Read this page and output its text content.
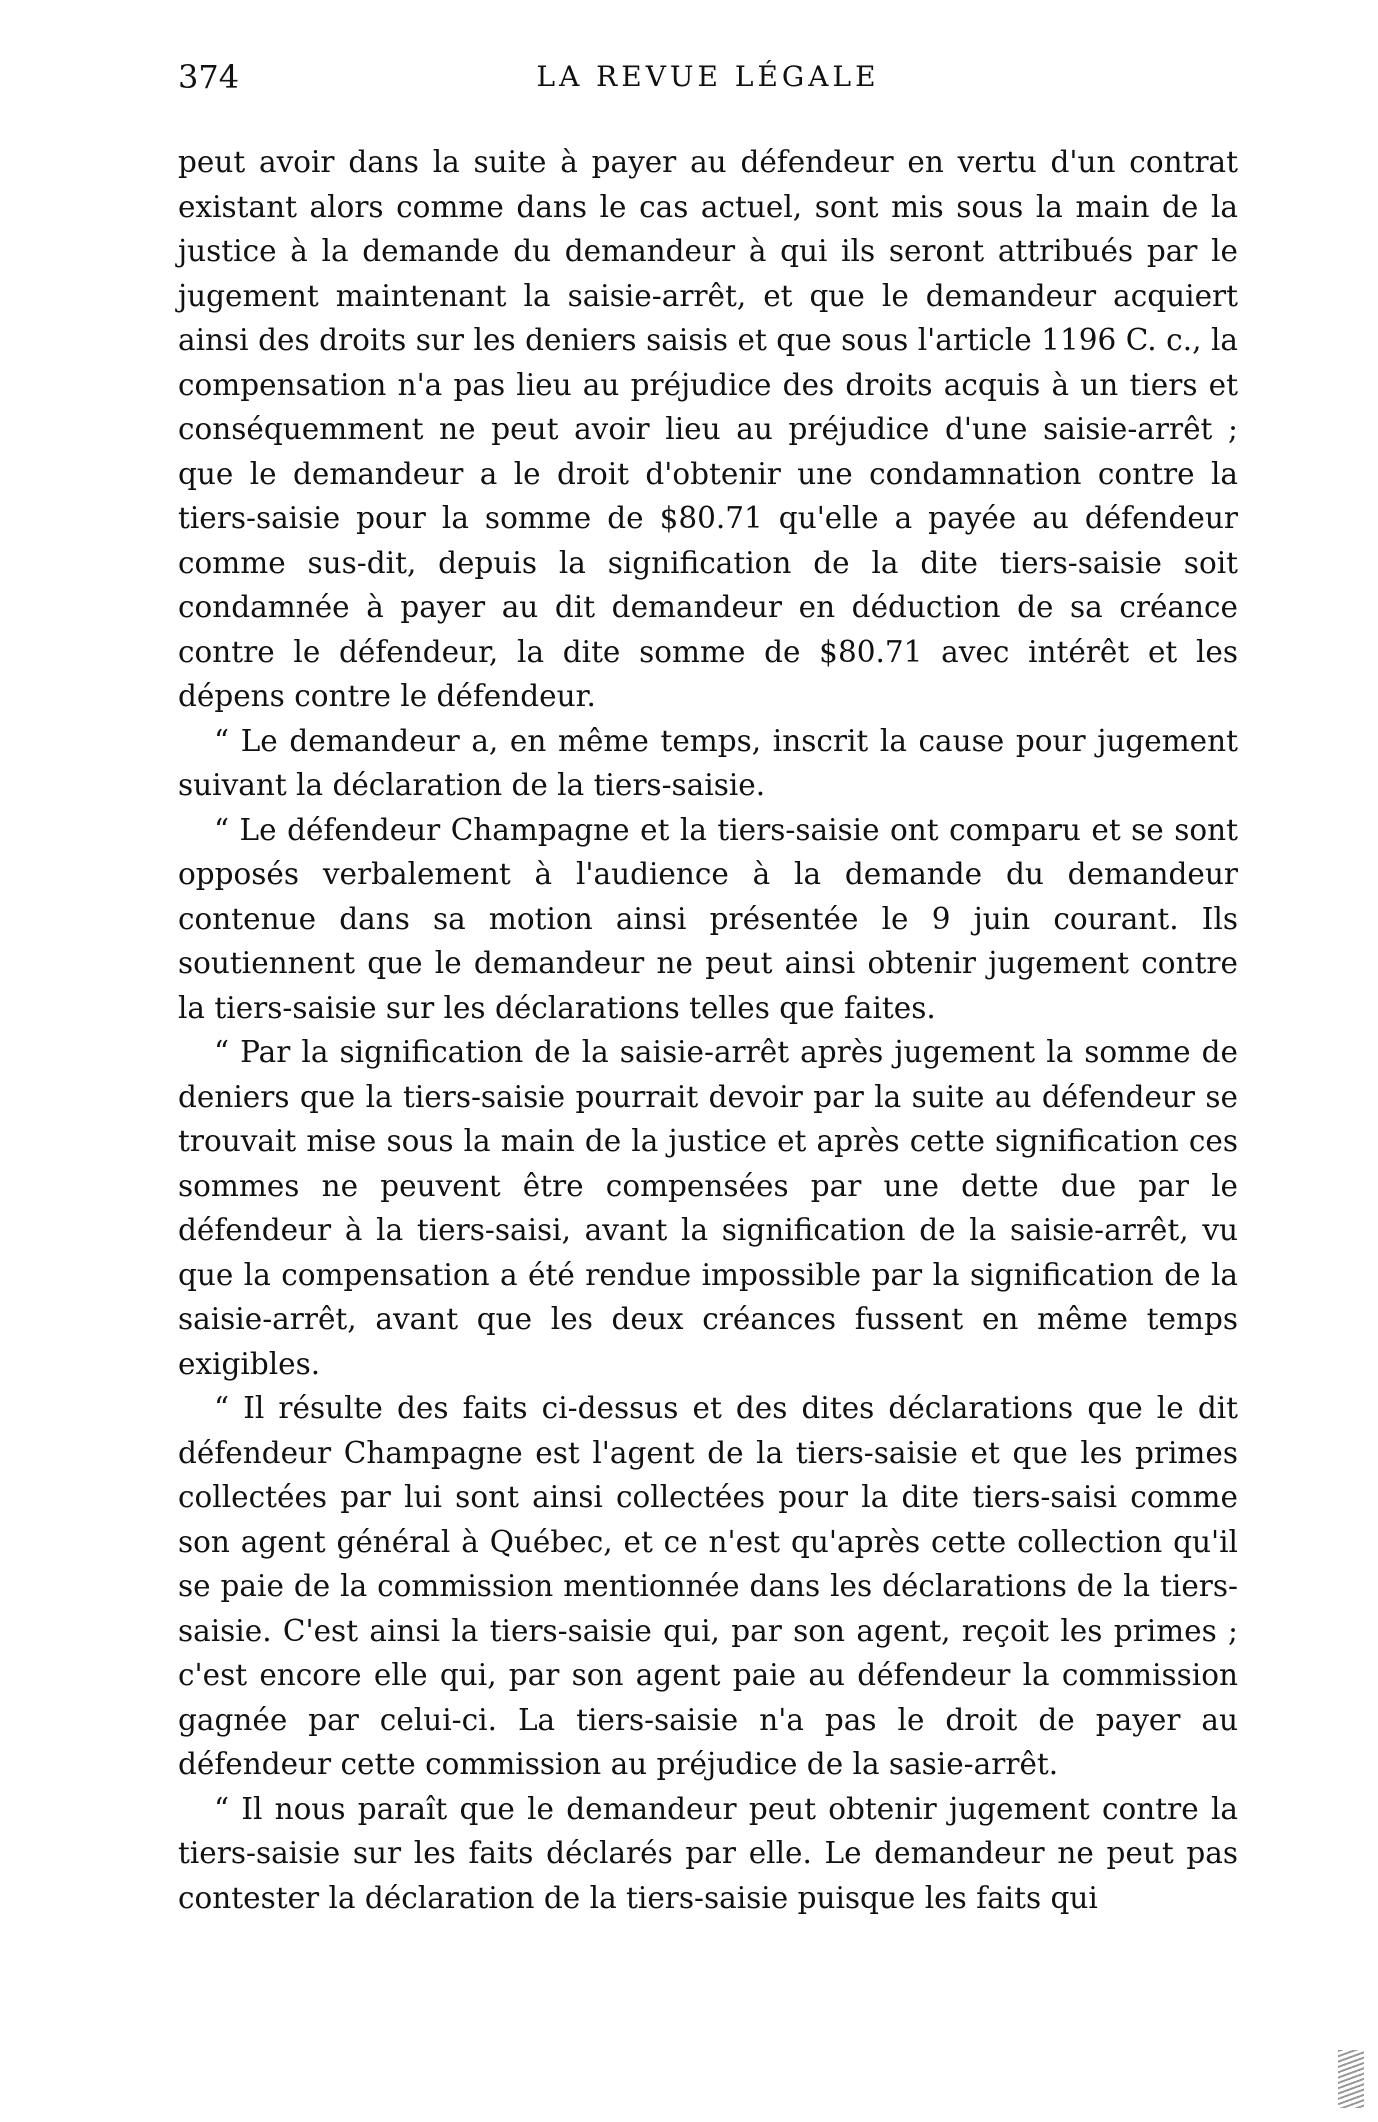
374	LA REVUE LÉGALE

peut avoir dans la suite à payer au défendeur en vertu d'un contrat existant alors comme dans le cas actuel, sont mis sous la main de la justice à la demande du demandeur à qui ils seront attribués par le jugement maintenant la saisie-arrêt, et que le demandeur acquiert ainsi des droits sur les deniers saisis et que sous l'article 1196 C. c., la compensation n'a pas lieu au préjudice des droits acquis à un tiers et conséquemment ne peut avoir lieu au préjudice d'une saisie-arrêt ; que le demandeur a le droit d'obtenir une condamnation contre la tiers-saisie pour la somme de $80.71 qu'elle a payée au défendeur comme sus-dit, depuis la signification de la dite tiers-saisie soit condamnée à payer au dit demandeur en déduction de sa créance contre le défendeur, la dite somme de $80.71 avec intérêt et les dépens contre le défendeur.

“ Le demandeur a, en même temps, inscrit la cause pour jugement suivant la déclaration de la tiers-saisie.

“ Le défendeur Champagne et la tiers-saisie ont comparu et se sont opposés verbalement à l'audience à la demande du demandeur contenue dans sa motion ainsi présentée le 9 juin courant. Ils soutiennent que le demandeur ne peut ainsi obtenir jugement contre la tiers-saisie sur les déclarations telles que faites.

“ Par la signification de la saisie-arrêt après jugement la somme de deniers que la tiers-saisie pourrait devoir par la suite au défendeur se trouvait mise sous la main de la justice et après cette signification ces sommes ne peuvent être compensées par une dette due par le défendeur à la tiers-saisi, avant la signification de la saisie-arrêt, vu que la compensation a été rendue impossible par la signification de la saisie-arrêt, avant que les deux créances fussent en même temps exigibles.

“ Il résulte des faits ci-dessus et des dites déclarations que le dit défendeur Champagne est l'agent de la tiers-saisie et que les primes collectées par lui sont ainsi collectées pour la dite tiers-saisi comme son agent général à Québec, et ce n'est qu'après cette collection qu'il se paie de la commission mentionnée dans les déclarations de la tiers-saisie. C'est ainsi la tiers-saisie qui, par son agent, reçoit les primes ; c'est encore elle qui, par son agent paie au défendeur la commission gagnée par celui-ci. La tiers-saisie n'a pas le droit de payer au défendeur cette commission au préjudice de la sasie-arrêt.

“ Il nous paraît que le demandeur peut obtenir jugement contre la tiers-saisie sur les faits déclarés par elle. Le demandeur ne peut pas contester la déclaration de la tiers-saisie puisque les faits qui
